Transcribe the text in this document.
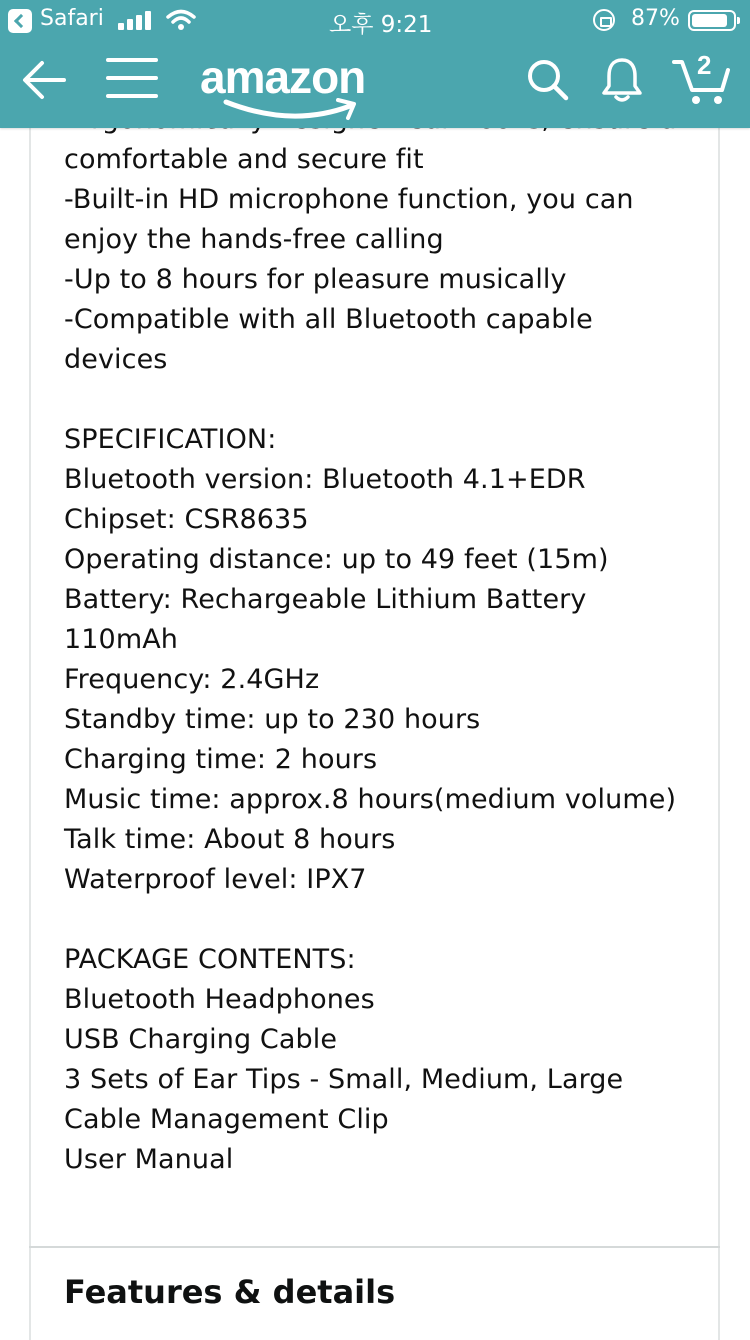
comfortable and secure fit
-Built-in HD microphone function, you can
enjoy the hands-free calling
-Up to 8 hours for pleasure musically
-Compatible with all Bluetooth capable
devices
SPECIFICATION:
Bluetooth version: Bluetooth 4.1+EDR
Chipset: CSR8635
Operating distance: up to 49 feet (15m)
Battery: Rechargeable Lithium Battery
110mAh
Frequency: 2.4GHz
Standby time: up to 230 hours
Charging time: 2 hours
Music time: approx.8 hours(medium volume)
Talk time: About 8 hours
Waterproof level: IPX7
PACKAGE CONTENTS:
Bluetooth Headphones
USB Charging Cable
3 Sets of Ear Tips - Small, Medium, Large
Cable Management Clip
User Manual
Features & details
Safari	오후 9:21	87%
amazon	2
